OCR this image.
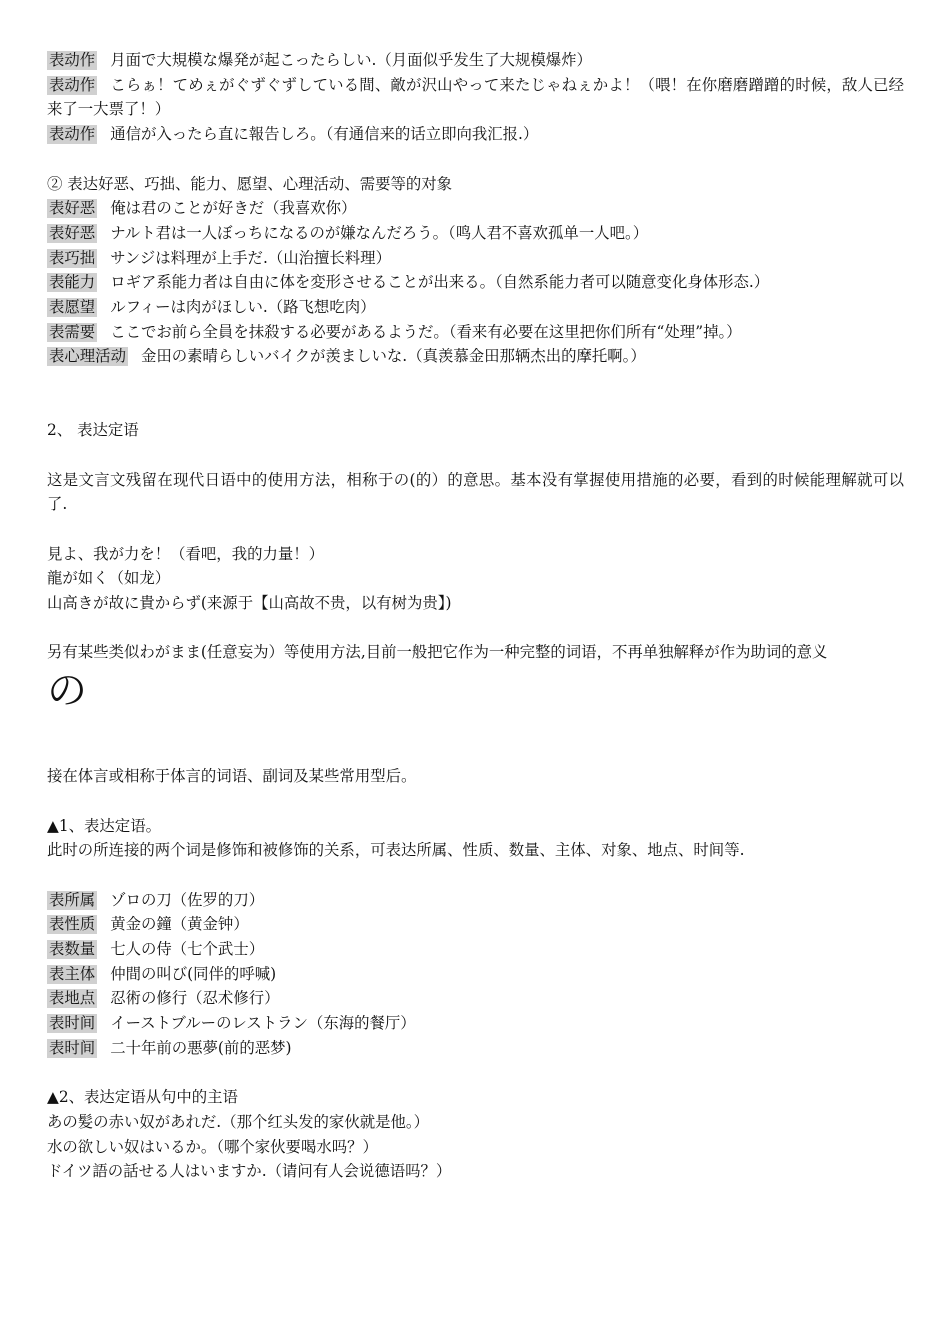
表动作 月面で大規模な爆発が起こったらしい.（月面似乎发生了大规模爆炸）
表动作 こらぁ！てめぇがぐずぐずしている間、敵が沢山やって来たじゃねぇかよ！（喂！在你磨磨蹭蹭的时候，敌人已经来了一大票了！）
表动作 通信が入ったら直に報告しろ。（有通信来的话立即向我汇报.）
② 表达好恶、巧拙、能力、愿望、心理活动、需要等的对象
表好恶 俺は君のことが好きだ（我喜欢你）
表好恶 ナルト君は一人ぼっちになるのが嫌なんだろう。（鸣人君不喜欢孤单一人吧。）
表巧拙 サンジは料理が上手だ.（山治擅长料理）
表能力 ロギア系能力者は自由に体を変形させることが出来る。（自然系能力者可以随意变化身体形态.）
表愿望 ルフィーは肉がほしい.（路飞想吃肉）
表需要 ここでお前ら全員を抹殺する必要があるようだ。（看来有必要在这里把你们所有“处理”掉。）
表心理活动 金田の素晴らしいバイクが羡ましいな.（真羡慕金田那辆杰出的摩托啊。）
2、 表达定语
这是文言文残留在现代日语中的使用方法，相称于の(的）的意思。基本没有掌握使用措施的必要，看到的时候能理解就可以了.
見よ、我が力を！（看吧，我的力量！）
龍が如く（如龙）
山高きが故に貴からず(来源于【山高故不贵，以有树为贵】)
另有某些类似わがまま(任意妄为）等使用方法,目前一般把它作为一种完整的词语，不再单独解释が作为助词的意义
の
接在体言或相称于体言的词语、副词及某些常用型后。
▲1、表达定语。
此时の所连接的两个词是修饰和被修饰的关系，可表达所属、性质、数量、主体、对象、地点、时间等.
表所属 ゾロの刀（佐罗的刀）
表性质 黄金の鐘（黄金钟）
表数量 七人の侍（七个武士）
表主体 仲間の叫び(同伴的呼喊)
表地点 忍術の修行（忍术修行）
表时间 イーストブルーのレストラン（东海的餐厅）
表时间 二十年前の悪夢(前的恶梦)
▲2、表达定语从句中的主语
あの髪の赤い奴があれだ.（那个红头发的家伙就是他。）
水の欲しい奴はいるか。（哪个家伙要喝水吗？）
ドイツ語の話せる人はいますか.（请问有人会说德语吗？）
